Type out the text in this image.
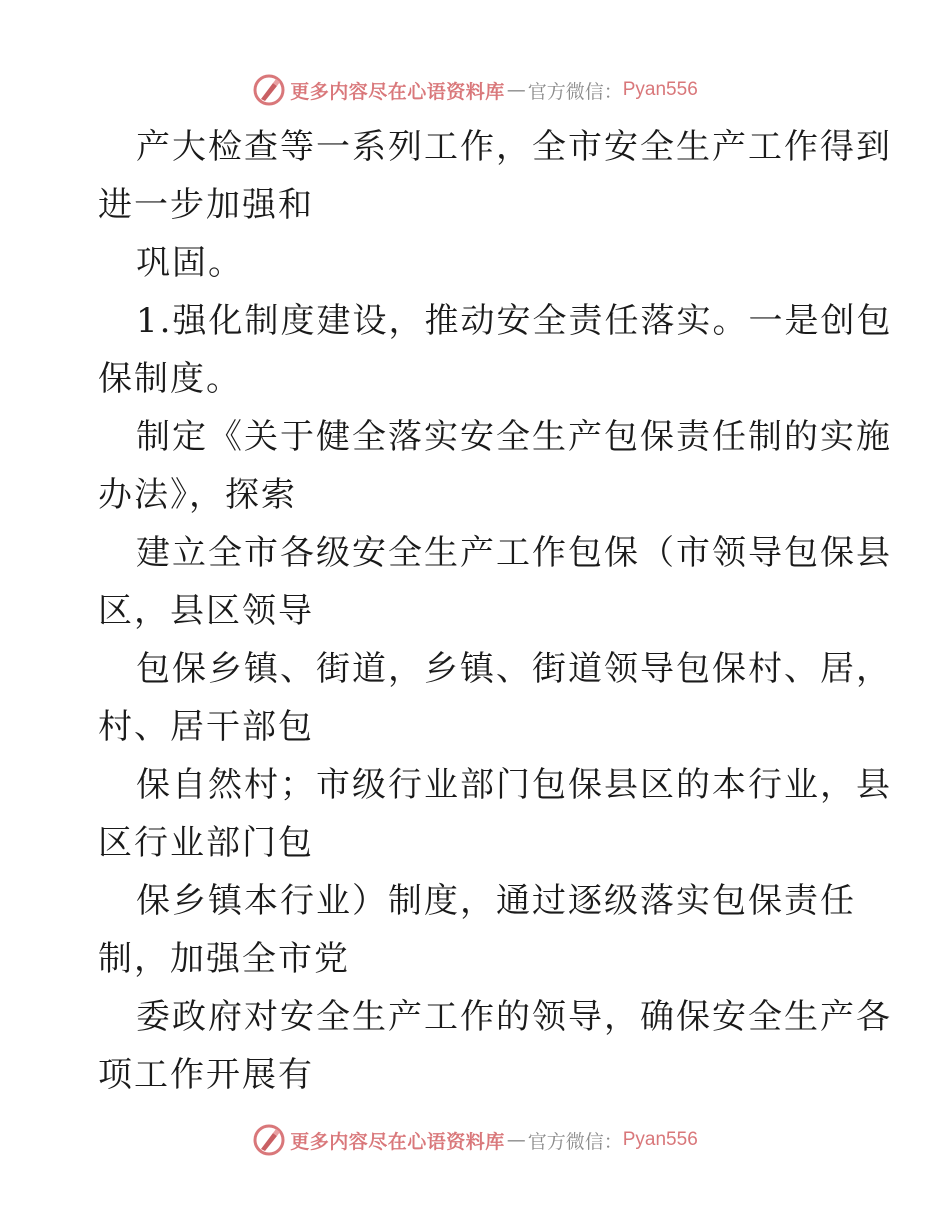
更多内容尽在心语资料库 — 官方微信： Pyan556
产大检查等一系列工作，全市安全生产工作得到
进一步加强和
巩固。
1.强化制度建设，推动安全责任落实。一是创包
保制度。
制定《关于健全落实安全生产包保责任制的实施
办法》，探索
建立全市各级安全生产工作包保（市领导包保县
区，县区领导
包保乡镇、街道，乡镇、街道领导包保村、居，
村、居干部包
保自然村；市级行业部门包保县区的本行业，县
区行业部门包
保乡镇本行业）制度，通过逐级落实包保责任
制，加强全市党
委政府对安全生产工作的领导，确保安全生产各
项工作开展有
更多内容尽在心语资料库 — 官方微信： Pyan556
